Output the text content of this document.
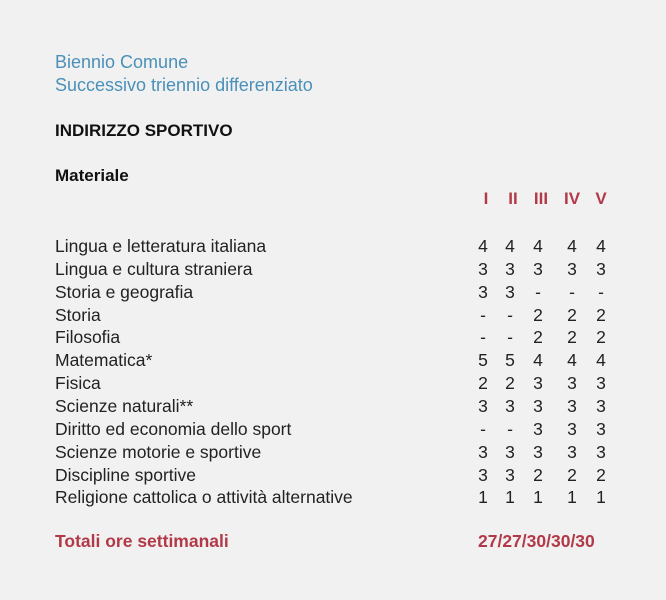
Biennio Comune
Successivo triennio differenziato
INDIRIZZO SPORTIVO
Materiale
I	II III IV V
Lingua e letteratura italiana	4 4 4 4 4
Lingua e cultura straniera	3 3 3 3 3
Storia e geografia	3 3	-	-	-
Storia	-	-	2 2 2
Filosofia	-	-	2 2 2
Matematica*	5 5 4 4 4
Fisica	2 2 3 3 3
Scienze naturali**	3 3 3 3 3
Diritto ed economia dello sport	-	-	3 3 3
Scienze motorie e sportive	3 3 3 3 3
Discipline sportive	3 3 2 2 2
Religione cattolica o attività alternative	1 1 1 1 1
Totali ore settimanali	27/27/30/30/30
